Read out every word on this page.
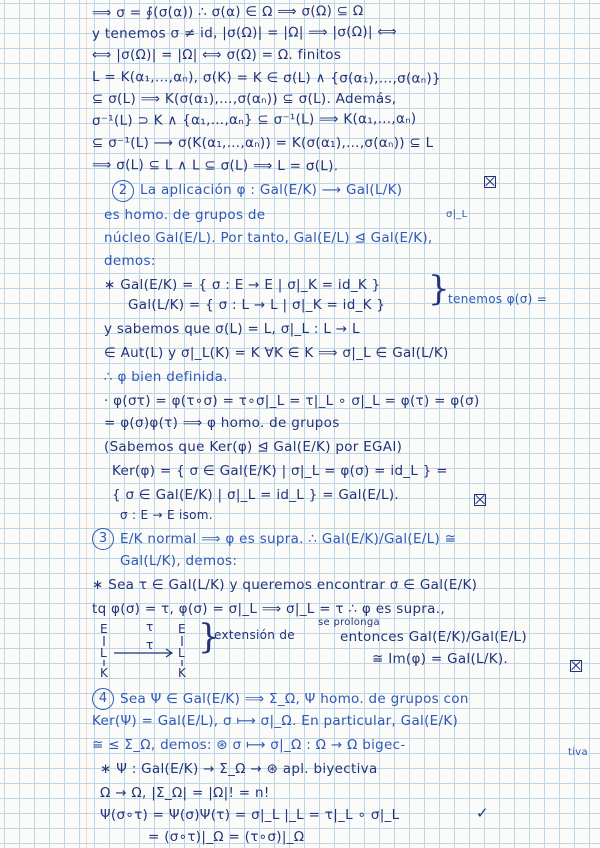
⟹ σ = ∮(σ(α)) ∴ σ(α) ∈ Ω ⟹ σ(Ω) ⊆ Ω
y tenemos σ ≠ id, |σ(Ω)| = |Ω| ⟹ |σ(Ω)| ⟺
⟺ |σ(Ω)| = |Ω| ⟺ σ(Ω) = Ω. finitos
L = K(α₁,…,αₙ), σ(K) = K ∈ σ(L) ∧ {σ(α₁),…,σ(αₙ)}
⊆ σ(L) ⟹ K(σ(α₁),…,σ(αₙ)) ⊆ σ(L). Además,
σ⁻¹(L) ⊃ K ∧ {α₁,…,αₙ} ⊆ σ⁻¹(L) ⟹ K(α₁,…,αₙ)
⊆ σ⁻¹(L) ⟶ σ(K(α₁,…,αₙ)) = K(σ(α₁),…,σ(αₙ)) ⊆ L
⟹ σ(L) ⊆ L ∧ L ⊆ σ(L) ⟹ L = σ(L).
2 La aplicación φ : Gal(E/K) ⟶ Gal(L/K)
es homo. de grupos de	σ|_L
núcleo Gal(E/L). Por tanto, Gal(E/L) ⊴ Gal(E/K),
demos:
∗ Gal(E/K) = { σ : E → E | σ|_K = id_K }
Gal(L/K) = { σ : L → L | σ|_K = id_K } }
tenemos φ(σ) =
y sabemos que σ(L) = L, σ|_L : L → L
∈ Aut(L) y σ|_L(K) = K ∀K ∈ K ⟹ σ|_L ∈ Gal(L/K)
∴ φ bien definida.
· φ(στ) = φ(τ∘σ) = τ∘σ|_L = τ|_L ∘ σ|_L = φ(τ) = φ(σ)
= φ(σ)φ(τ) ⟹ φ homo. de grupos
(Sabemos que Ker(φ) ⊴ Gal(E/K) por EGAI)
Ker(φ) = { σ ∈ Gal(E/K) | σ|_L = φ(σ) = id_L } =
{ σ ∈ Gal(E/K) | σ|_L = id_L } = Gal(E/L).
σ : E → E isom.
3 E/K normal ⟹ φ es supra. ∴ Gal(E/K)/Gal(E/L) ≅
Gal(L/K), demos:
∗ Sea τ ∈ Gal(L/K) y queremos encontrar σ ∈ Gal(E/K)
tq φ(σ) = τ, φ(σ) = σ|_L ⟹ σ|_L = τ ∴ φ es supra.,
E	τ E
L
τ
L
K	K
}
extensión de
se prolonga
entonces Gal(E/K)/Gal(E/L)
≅ Im(φ) = Gal(L/K).
4 Sea Ψ ∈ Gal(E/K) ⟹ Σ_Ω, Ψ homo. de grupos con
Ker(Ψ) = Gal(E/L), σ ⟼ σ|_Ω. En particular, Gal(E/K)
≅ ≤ Σ_Ω, demos: ⊛ σ ⟼ σ|_Ω : Ω → Ω bigec-	tiva
∗ Ψ : Gal(E/K) → Σ_Ω → ⊛ apl. biyectiva
Ω → Ω, |Σ_Ω| = |Ω|! = n!
Ψ(σ∘τ) = Ψ(σ)Ψ(τ) = σ|_L |_L = τ|_L ∘ σ|_L
= (σ∘τ)|_Ω = (τ∘σ)|_Ω
✓
